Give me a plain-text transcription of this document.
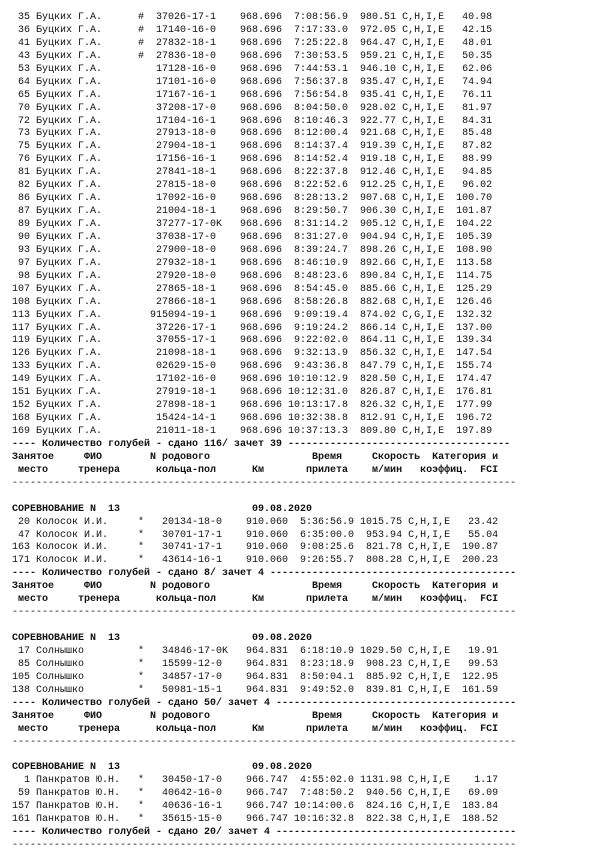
35 Буцких Г.А.      #  37026-17-1    968.696  7:08:56.9  980.51 C,H,I,E   40.98
36 Буцких Г.А.      #  17140-16-0    968.696  7:17:33.0  972.05 C,H,I,E   42.15
41 Буцких Г.А.      #  27832-18-1    968.696  7:25:22.8  964.47 C,H,I,E   48.01
43 Буцких Г.А.      #  27836-18-0    968.696  7:30:53.5  959.21 C,H,I,E   50.35
53 Буцких Г.А.         17128-16-0    968.696  7:44:53.1  946.10 C,H,I,E   62.06
64 Буцких Г.А.         17101-16-0    968.696  7:56:37.8  935.47 C,H,I,E   74.94
65 Буцких Г.А.         17167-16-1    968.696  7:56:54.8  935.41 C,H,I,E   76.11
70 Буцких Г.А.         37208-17-0    968.696  8:04:50.0  928.02 C,H,I,E   81.97
72 Буцких Г.А.         17104-16-1    968.696  8:10:46.3  922.77 C,H,I,E   84.31
73 Буцких Г.А.         27913-18-0    968.696  8:12:00.4  921.68 C,H,I,E   85.48
75 Буцких Г.А.         27904-18-1    968.696  8:14:37.4  919.39 C,H,I,E   87.82
76 Буцких Г.А.         17156-16-1    968.696  8:14:52.4  919.18 C,H,I,E   88.99
81 Буцких Г.А.         27841-18-1    968.696  8:22:37.8  912.46 C,H,I,E   94.85
82 Буцких Г.А.         27815-18-0    968.696  8:22:52.6  912.25 C,H,I,E   96.02
86 Буцких Г.А.         17092-16-0    968.696  8:28:13.2  907.68 C,H,I,E  100.70
87 Буцких Г.А.         21004-18-1    968.696  8:29:50.7  906.30 C,H,I,E  101.87
89 Буцких Г.А.         37277-17-0K   968.696  8:31:14.2  905.12 C,H,I,E  104.22
90 Буцких Г.А.         37038-17-0    968.696  8:31:27.0  904.94 C,H,I,E  105.39
93 Буцких Г.А.         27900-18-0    968.696  8:39:24.7  898.26 C,H,I,E  108.90
97 Буцких Г.А.         27932-18-1    968.696  8:46:10.9  892.66 C,H,I,E  113.58
98 Буцких Г.А.         27920-18-0    968.696  8:48:23.6  890.84 C,H,I,E  114.75
107 Буцких Г.А.         27865-18-1    968.696  8:54:45.0  885.66 C,H,I,E  125.29
108 Буцких Г.А.         27866-18-1    968.696  8:58:26.8  882.68 C,H,I,E  126.46
113 Буцких Г.А.        915094-19-1    968.696  9:09:19.4  874.02 C,G,I,E  132.32
117 Буцких Г.А.         37226-17-1    968.696  9:19:24.2  866.14 C,H,I,E  137.00
119 Буцких Г.А.         37055-17-1    968.696  9:22:02.0  864.11 C,H,I,E  139.34
126 Буцких Г.А.         21098-18-1    968.696  9:32:13.9  856.32 C,H,I,E  147.54
133 Буцких Г.А.         02629-15-0    968.696  9:43:36.8  847.79 C,H,I,E  155.74
149 Буцких Г.А.         17102-16-0    968.696 10:10:12.9  828.50 C,H,I,E  174.47
151 Буцких Г.А.         27919-18-1    968.696 10:12:31.0  826.87 C,H,I,E  176.81
152 Буцких Г.А.         27898-18-1    968.696 10:13:17.8  826.32 C,H,I,E  177.99
168 Буцких Г.А.         15424-14-1    968.696 10:32:38.8  812.91 C,H,I,E  196.72
169 Буцких Г.А.         21011-18-1    968.696 10:37:13.3  809.80 C,H,I,E  197.89
---- Количество голубей - сдано 116/ зачет 39 -------------------------------------
Занятое     ФИО        N родового                 Время     Скорость  Категория и
место     тренера      кольца-пол      Км       прилета    м/мин   коэффиц.  FCI
------------------------------------------------------------------------------------
СОРЕВНОВАНИЕ N  13                      09.08.2020
20 Колосок И.И.     *   20134-18-0    910.060  5:36:56.9 1015.75 C,H,I,E   23.42
47 Колосок И.И.     *   30701-17-1    910.060  6:35:00.0  953.94 C,H,I,E   55.04
163 Колосок И.И.     *   30741-17-1    910.060  9:08:25.6  821.78 C,H,I,E  190.87
171 Колосок И.И.     *   43614-16-1    910.060  9:26:55.7  808.28 C,H,I,E  200.23
---- Количество голубей - сдано 8/ зачет 4 -----------------------------------------
Занятое     ФИО        N родового                 Время     Скорость  Категория и
место     тренера      кольца-пол      Км       прилета    м/мин   коэффиц.  FCI
------------------------------------------------------------------------------------
СОРЕВНОВАНИЕ N  13                      09.08.2020
17 Солнышко         *   34846-17-0K   964.831  6:18:10.9 1029.50 C,H,I,E   19.91
85 Солнышко         *   15599-12-0    964.831  8:23:18.9  908.23 C,H,I,E   99.53
105 Солнышко         *   34857-17-0    964.831  8:50:04.1  885.92 C,H,I,E  122.95
138 Солнышко         *   50981-15-1    964.831  9:49:52.0  839.81 C,H,I,E  161.59
---- Количество голубей - сдано 50/ зачет 4 ----------------------------------------
Занятое     ФИО        N родового                 Время     Скорость  Категория и
место     тренера      кольца-пол      Км       прилета    м/мин   коэффиц.  FCI
------------------------------------------------------------------------------------
СОРЕВНОВАНИЕ N  13                      09.08.2020
1 Панкратов Ю.Н.   *   30450-17-0    966.747  4:55:02.0 1131.98 C,H,I,E    1.17
59 Панкратов Ю.Н.   *   40642-16-0    966.747  7:48:50.2  940.56 C,H,I,E   69.09
157 Панкратов Ю.Н.   *   40636-16-1    966.747 10:14:00.6  824.16 C,H,I,E  183.84
161 Панкратов Ю.Н.   *   35615-15-0    966.747 10:16:32.8  822.38 C,H,I,E  188.52
---- Количество голубей - сдано 20/ зачет 4 ----------------------------------------
------------------------------------------------------------------------------------
